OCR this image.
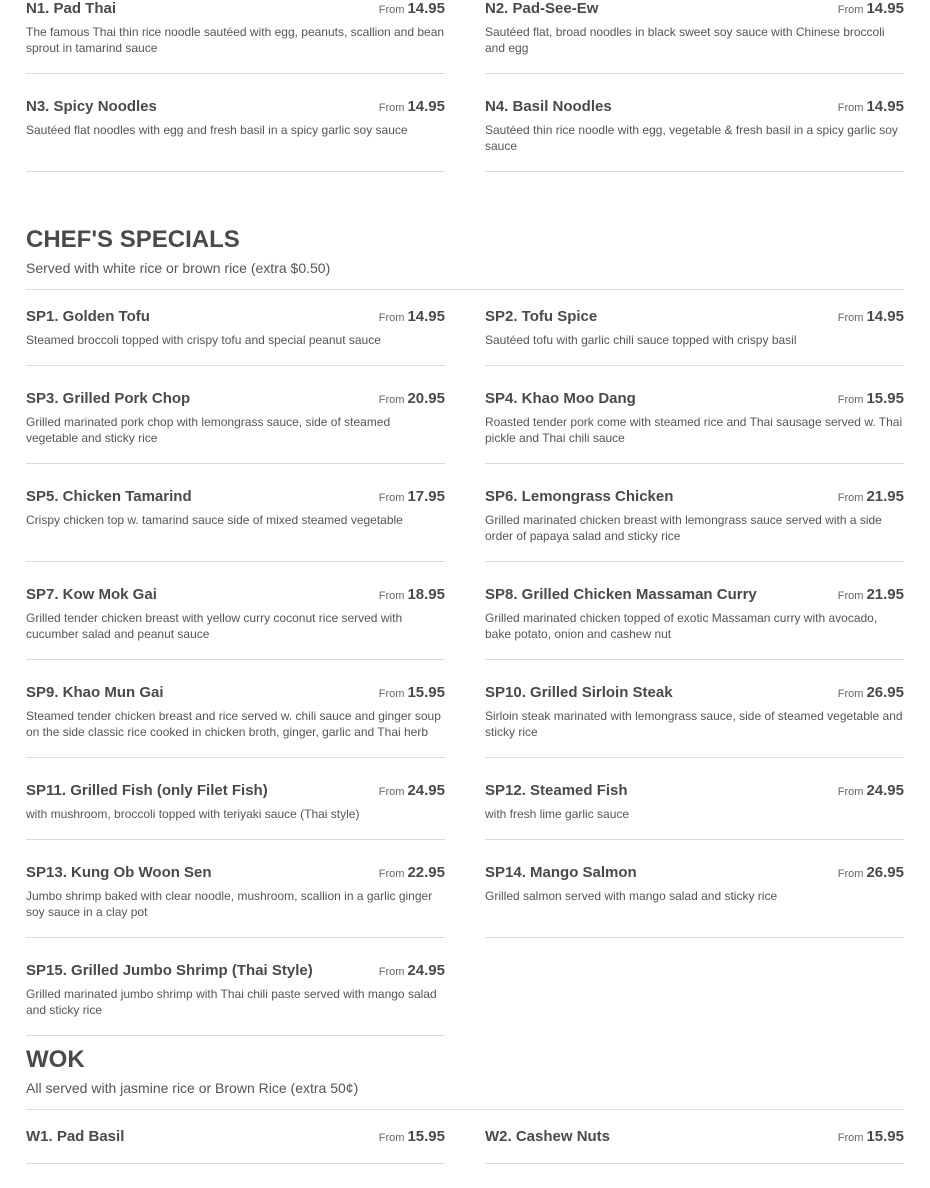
N1. Pad Thai	From 14.95
The famous Thai thin rice noodle sautéed with egg, peanuts, scallion and bean sprout in tamarind sauce
N2. Pad-See-Ew	From 14.95
Sautéed flat, broad noodles in black sweet soy sauce with Chinese broccoli and egg
N3. Spicy Noodles	From 14.95
Sautéed flat noodles with egg and fresh basil in a spicy garlic soy sauce
N4. Basil Noodles	From 14.95
Sautéed thin rice noodle with egg, vegetable & fresh basil in a spicy garlic soy sauce
CHEF'S SPECIALS
Served with white rice or brown rice (extra $0.50)
SP1. Golden Tofu	From 14.95
Steamed broccoli topped with crispy tofu and special peanut sauce
SP2. Tofu Spice	From 14.95
Sautéed tofu with garlic chili sauce topped with crispy basil
SP3. Grilled Pork Chop	From 20.95
Grilled marinated pork chop with lemongrass sauce, side of steamed vegetable and sticky rice
SP4. Khao Moo Dang	From 15.95
Roasted tender pork come with steamed rice and Thai sausage served w. Thai pickle and Thai chili sauce
SP5. Chicken Tamarind	From 17.95
Crispy chicken top w. tamarind sauce side of mixed steamed vegetable
SP6. Lemongrass Chicken	From 21.95
Grilled marinated chicken breast with lemongrass sauce served with a side order of papaya salad and sticky rice
SP7. Kow Mok Gai	From 18.95
Grilled tender chicken breast with yellow curry coconut rice served with cucumber salad and peanut sauce
SP8. Grilled Chicken Massaman Curry	From 21.95
Grilled marinated chicken topped of exotic Massaman curry with avocado, bake potato, onion and cashew nut
SP9. Khao Mun Gai	From 15.95
Steamed tender chicken breast and rice served w. chili sauce and ginger soup on the side classic rice cooked in chicken broth, ginger, garlic and Thai herb
SP10. Grilled Sirloin Steak	From 26.95
Sirloin steak marinated with lemongrass sauce, side of steamed vegetable and sticky rice
SP11. Grilled Fish (only Filet Fish)	From 24.95
with mushroom, broccoli topped with teriyaki sauce (Thai style)
SP12. Steamed Fish	From 24.95
with fresh lime garlic sauce
SP13. Kung Ob Woon Sen	From 22.95
Jumbo shrimp baked with clear noodle, mushroom, scallion in a garlic ginger soy sauce in a clay pot
SP14. Mango Salmon	From 26.95
Grilled salmon served with mango salad and sticky rice
SP15. Grilled Jumbo Shrimp (Thai Style)	From 24.95
Grilled marinated jumbo shrimp with Thai chili paste served with mango salad and sticky rice
WOK
All served with jasmine rice or Brown Rice (extra 50¢)
W1. Pad Basil	From 15.95	W2. Cashew Nuts	From 15.95
